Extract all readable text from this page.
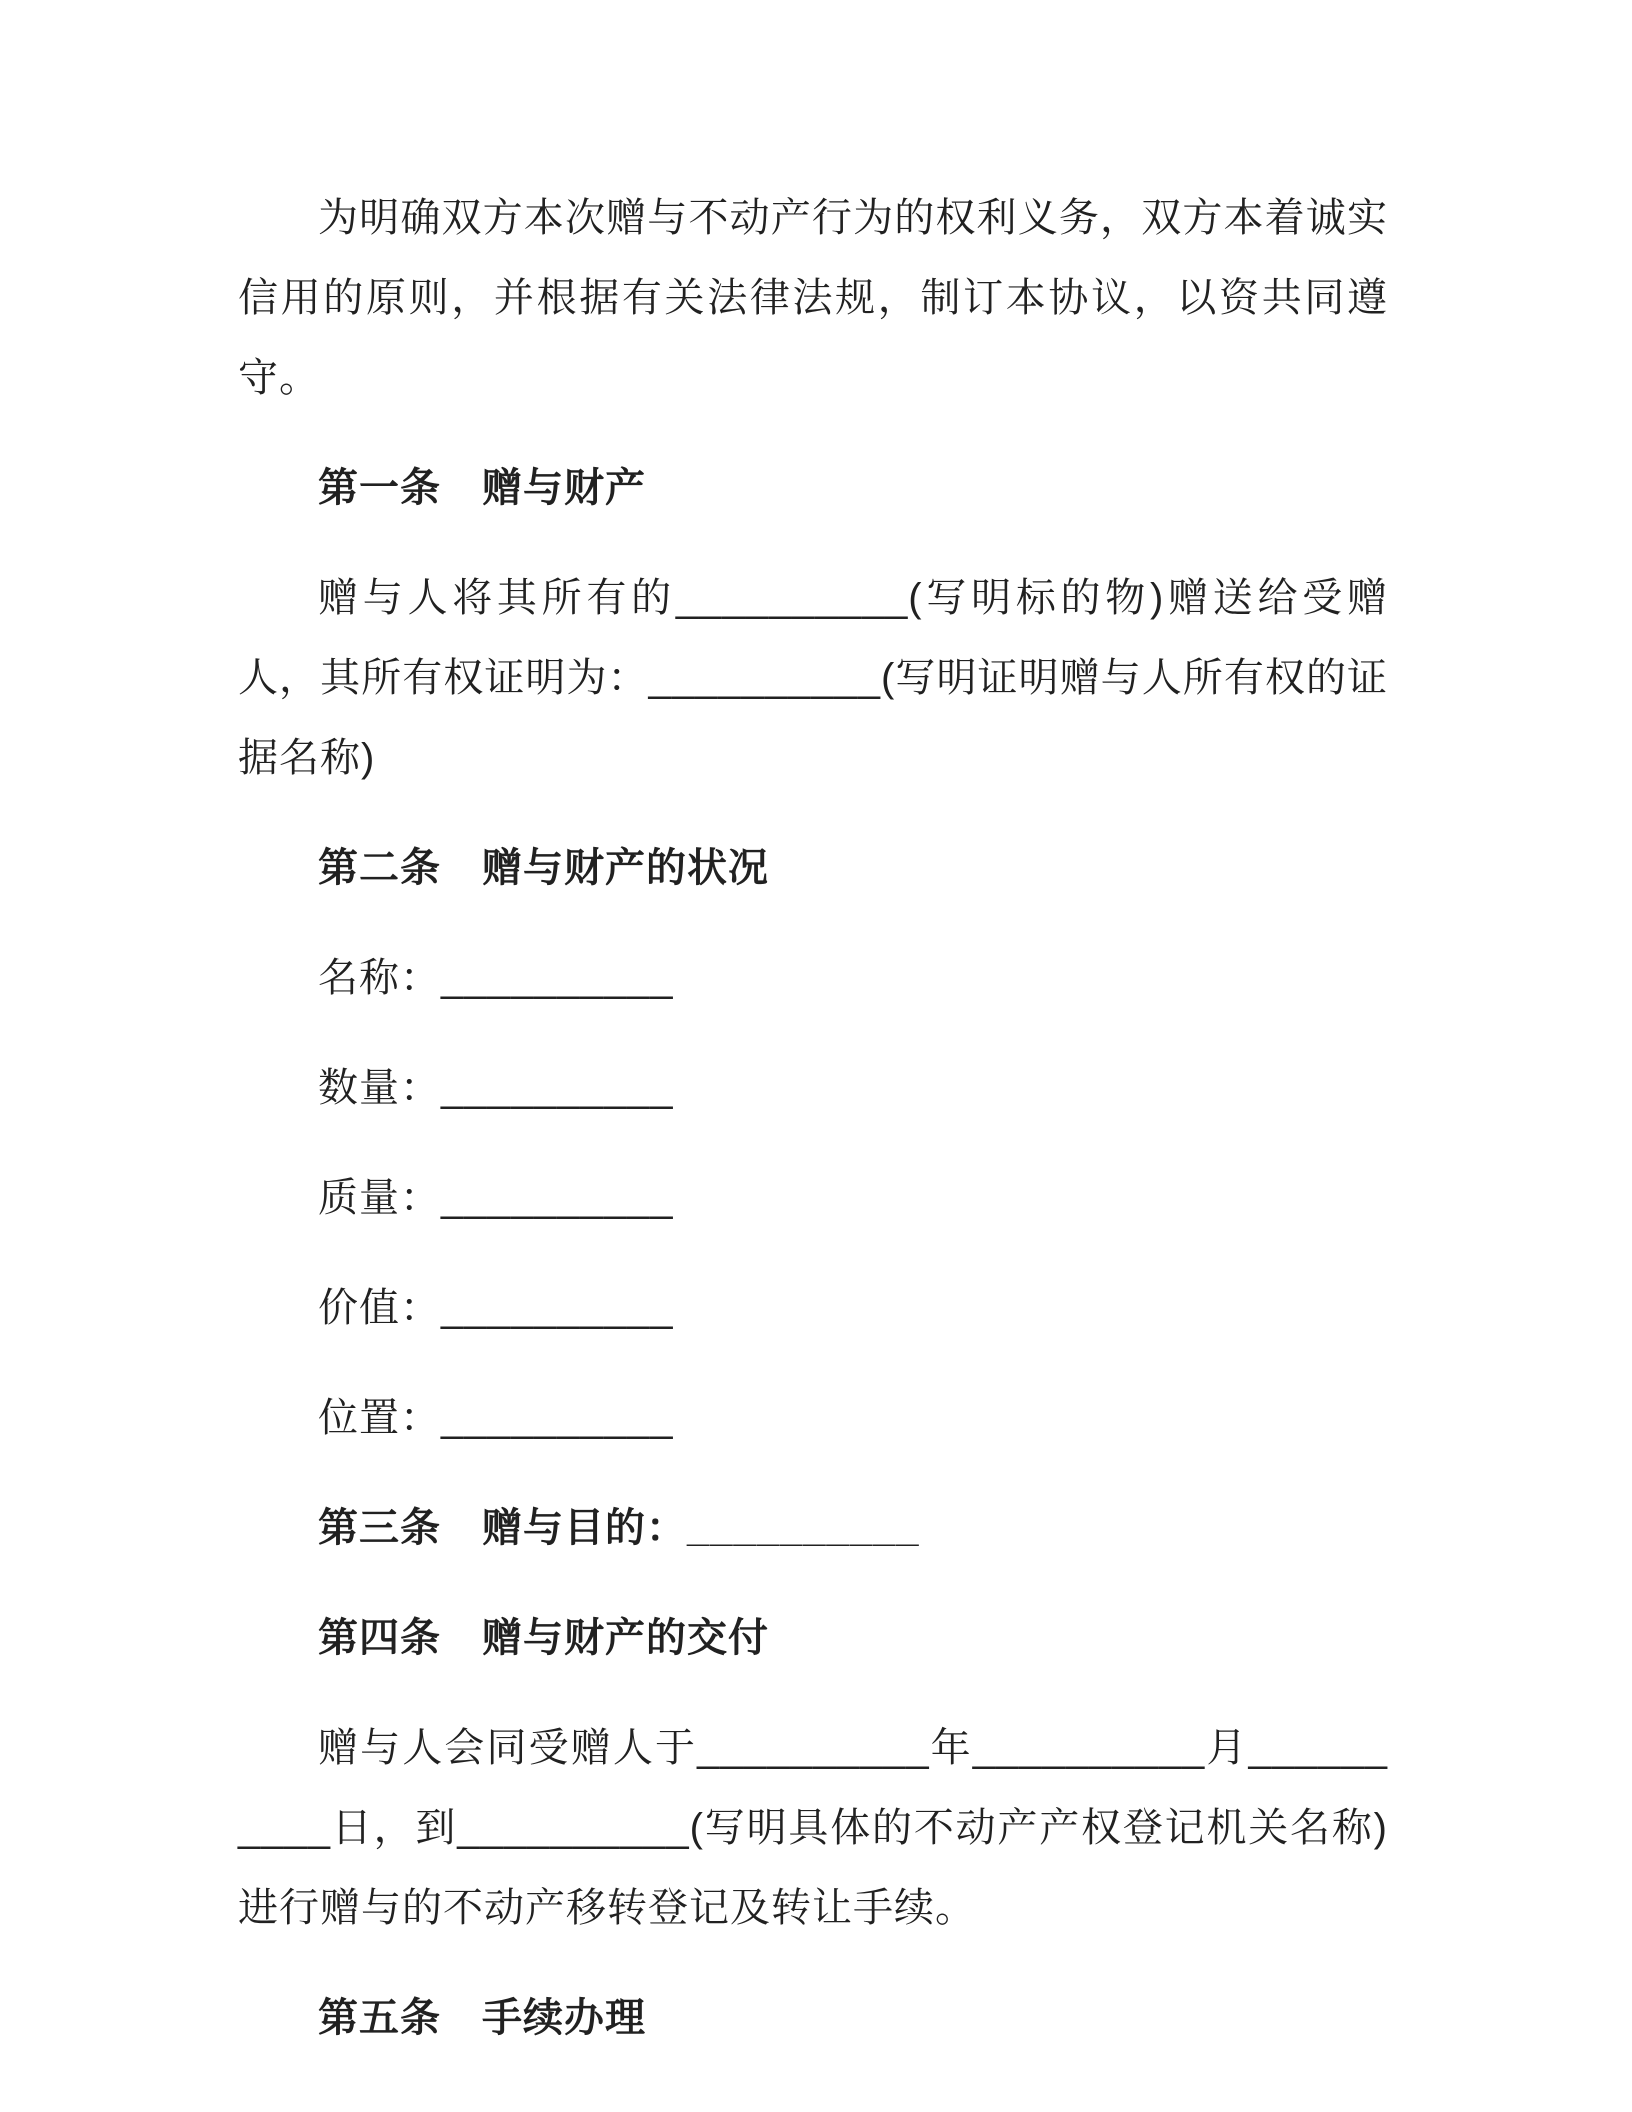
为明确双方本次赠与不动产行为的权利义务，双方本着诚实信用的原则，并根据有关法律法规，制订本协议，以资共同遵守。

第一条　赠与财产

赠与人将其所有的__________(写明标的物)赠送给受赠人，其所有权证明为：__________(写明证明赠与人所有权的证据名称)

第二条　赠与财产的状况

名称：__________

数量：__________

质量：__________

价值：__________

位置：__________

第三条　赠与目的：__________

第四条　赠与财产的交付

赠与人会同受赠人于__________年__________月__________日，到__________(写明具体的不动产产权登记机关名称)进行赠与的不动产移转登记及转让手续。

第五条　手续办理
